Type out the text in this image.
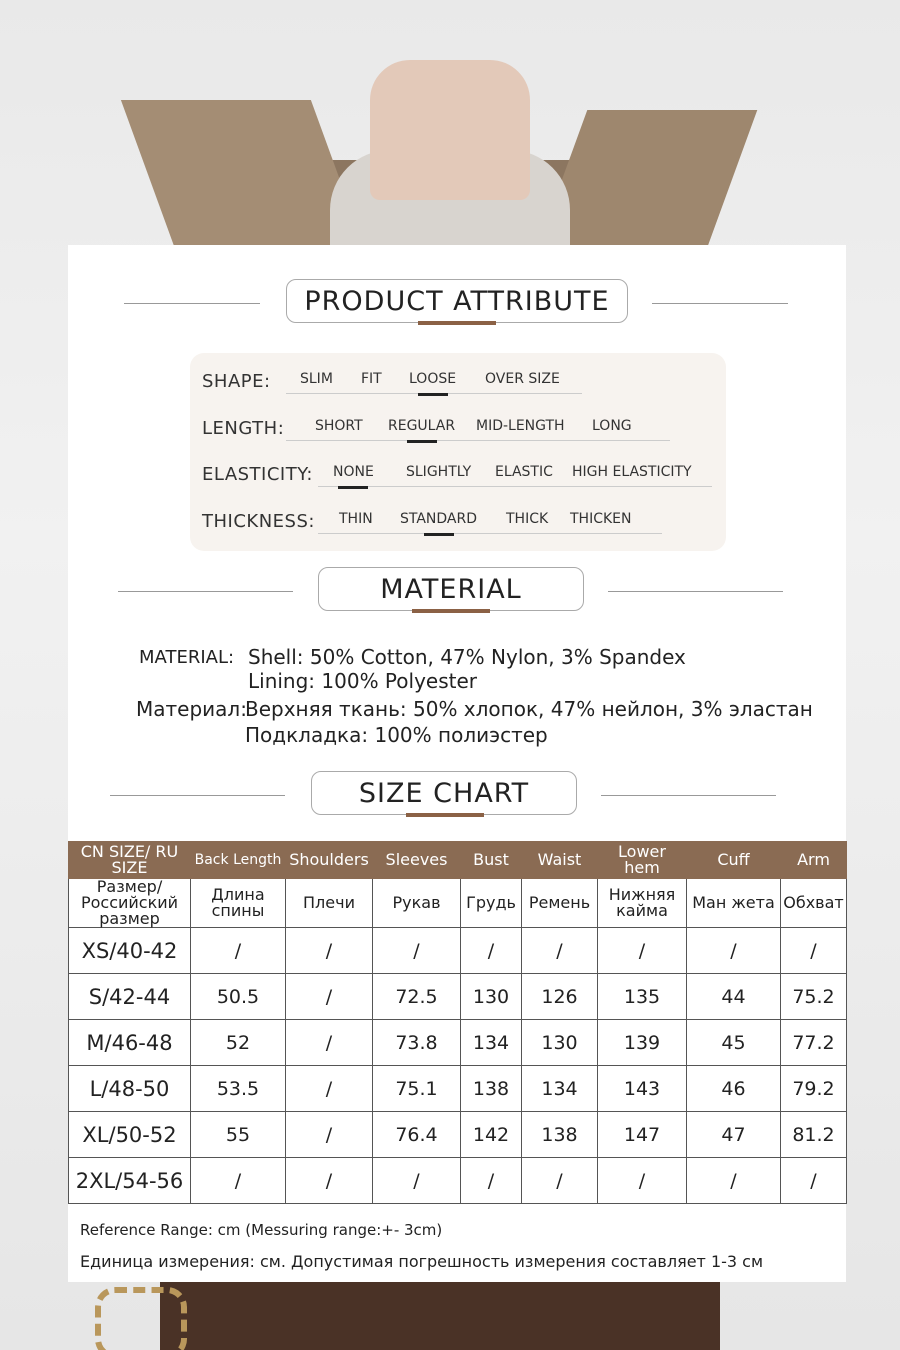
PRODUCT ATTRIBUTE
SHAPE: SLIM FIT LOOSE OVER SIZE
LENGTH: SHORT REGULAR MID-LENGTH LONG
ELASTICITY: NONE SLIGHTLY ELASTIC HIGH ELASTICITY
THICKNESS: THIN STANDARD THICK THICKEN
MATERIAL
MATERIAL: Shell: 50% Cotton, 47% Nylon, 3% Spandex
Lining: 100% Polyester
Материал:
Верхняя ткань: 50% хлопок, 47% нейлон, 3% эластан
Подкладка: 100% полиэстер
SIZE CHART
CN SIZE/ RU SIZE	Back Length	Shoulders	Sleeves	Bust	Waist	Lower hem	Cuff	Arm
Размер/ Российский размер	Длина спины	Плечи	Рукав	Грудь	Ремень	Нижняя кайма	Ман жета	Обхват
XS/40-42	/	/	/	/	/	/	/	/
S/42-44	50.5	/	72.5	130	126	135	44	75.2
M/46-48	52	/	73.8	134	130	139	45	77.2
L/48-50	53.5	/	75.1	138	134	143	46	79.2
XL/50-52	55	/	76.4	142	138	147	47	81.2
2XL/54-56	/	/	/	/	/	/	/	/
Reference Range: cm (Messuring range:+- 3cm)
Единица измерения: см. Допустимая погрешность измерения составляет 1-3 см
